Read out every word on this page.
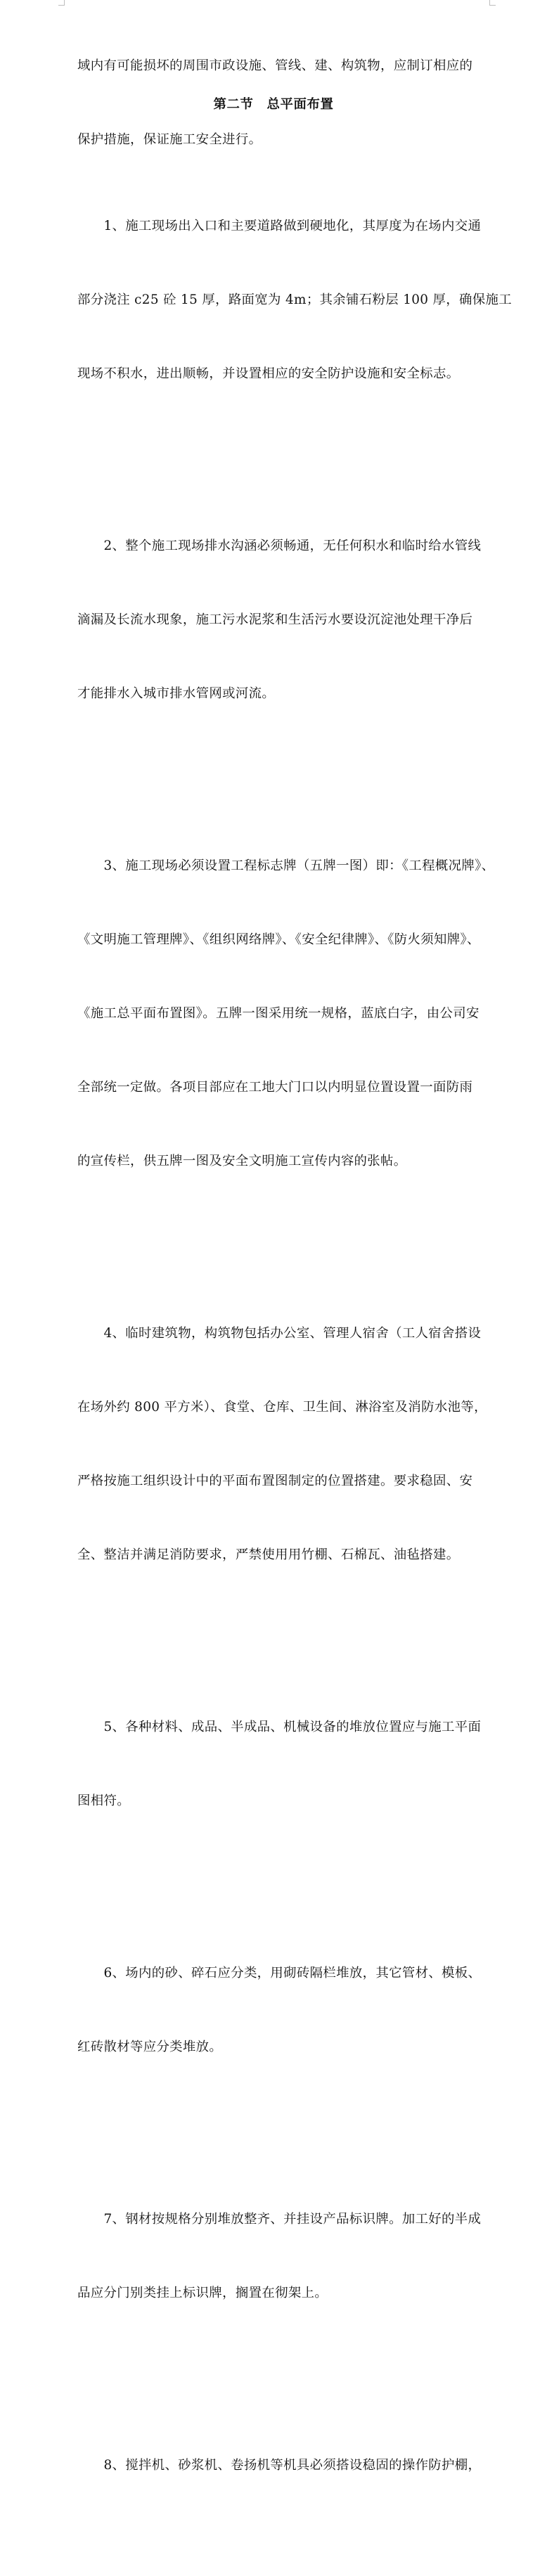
域内有可能损坏的周围市政设施、管线、建、构筑物，应制订相应的

保护措施，保证施工安全进行。

第二节　总平面布置

　　1、施工现场出入口和主要道路做到硬地化，其厚度为在场内交通

部分浇注 c25 砼 15 厚，路面宽为 4m；其余铺石粉层 100 厚，确保施工

现场不积水，进出顺畅，并设置相应的安全防护设施和安全标志。

　　2、整个施工现场排水沟涵必须畅通，无任何积水和临时给水管线

滴漏及长流水现象，施工污水泥浆和生活污水要设沉淀池处理干净后

才能排水入城市排水管网或河流。

　　3、施工现场必须设置工程标志牌（五牌一图）即：《工程概况牌》、

《文明施工管理牌》、《组织网络牌》、《安全纪律牌》、《防火须知牌》、

《施工总平面布置图》。五牌一图采用统一规格，蓝底白字，由公司安

全部统一定做。各项目部应在工地大门口以内明显位置设置一面防雨

的宣传栏，供五牌一图及安全文明施工宣传内容的张帖。

　　4、临时建筑物，构筑物包括办公室、管理人宿舍（工人宿舍搭设

在场外约 800 平方米）、食堂、仓库、卫生间、淋浴室及消防水池等，

严格按施工组织设计中的平面布置图制定的位置搭建。要求稳固、安

全、整洁并满足消防要求，严禁使用用竹棚、石棉瓦、油毡搭建。

　　5、各种材料、成品、半成品、机械设备的堆放位置应与施工平面

图相符。

　　6、场内的砂、碎石应分类，用砌砖隔栏堆放，其它管材、模板、

红砖散材等应分类堆放。

　　7、钢材按规格分别堆放整齐、并挂设产品标识牌。加工好的半成

品应分门别类挂上标识牌，搁置在彻架上。

　　8、搅拌机、砂浆机、卷扬机等机具必须搭设稳固的操作防护棚，
